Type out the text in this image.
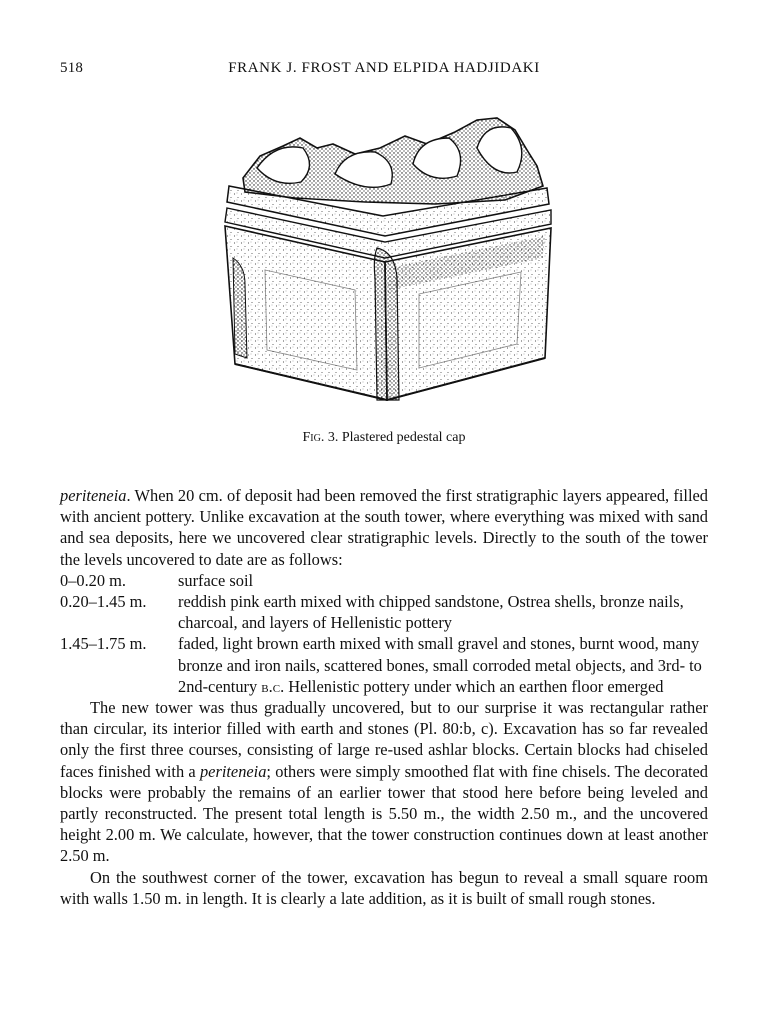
518	FRANK J. FROST AND ELPIDA HADJIDAKI
Fig. 3. Plastered pedestal cap

periteneia. When 20 cm. of deposit had been removed the first stratigraphic layers appeared, filled with ancient pottery. Unlike excavation at the south tower, where everything was mixed with sand and sea deposits, here we uncovered clear stratigraphic levels. Directly to the south of the tower the levels uncovered to date are as follows:

0–0.20 m.	surface soil
0.20–1.45 m.	reddish pink earth mixed with chipped sandstone, Ostrea shells, bronze nails, charcoal, and layers of Hellenistic pottery
1.45–1.75 m.	faded, light brown earth mixed with small gravel and stones, burnt wood, many bronze and iron nails, scattered bones, small corroded metal objects, and 3rd- to 2nd-century b.c. Hellenistic pottery under which an earthen floor emerged

The new tower was thus gradually uncovered, but to our surprise it was rectangular rather than circular, its interior filled with earth and stones (Pl. 80:b, c). Excavation has so far revealed only the first three courses, consisting of large re-used ashlar blocks. Certain blocks had chiseled faces finished with a periteneia; others were simply smoothed flat with fine chisels. The decorated blocks were probably the remains of an earlier tower that stood here before being leveled and partly reconstructed. The present total length is 5.50 m., the width 2.50 m., and the uncovered height 2.00 m. We calculate, however, that the tower construction continues down at least another 2.50 m.

On the southwest corner of the tower, excavation has begun to reveal a small square room with walls 1.50 m. in length. It is clearly a late addition, as it is built of small rough stones.
